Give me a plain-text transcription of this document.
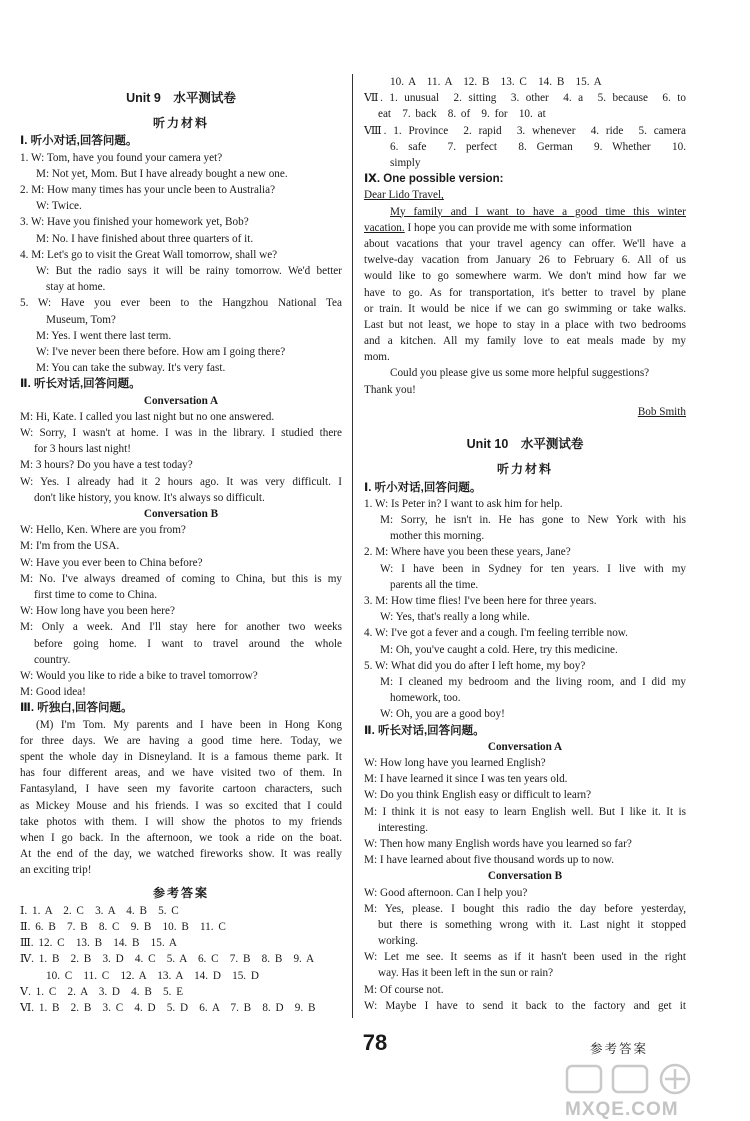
Unit 9　水平测试卷
听力材料
Ⅰ. 听小对话,回答问题。
1. W: Tom, have you found your camera yet?
M: Not yet, Mom. But I have already bought a new one.
2. M: How many times has your uncle been to Australia?
W: Twice.
3. W: Have you finished your homework yet, Bob?
M: No. I have finished about three quarters of it.
4. M: Let's go to visit the Great Wall tomorrow, shall we?
W: But the radio says it will be rainy tomorrow. We'd better
stay at home.
5. W: Have you ever been to the Hangzhou National Tea
Museum, Tom?
M: Yes. I went there last term.
W: I've never been there before. How am I going there?
M: You can take the subway. It's very fast.
Ⅱ. 听长对话,回答问题。
Conversation A
M: Hi, Kate. I called you last night but no one answered.
W: Sorry, I wasn't at home. I was in the library. I studied there
for 3 hours last night!
M: 3 hours? Do you have a test today?
W: Yes. I already had it 2 hours ago. It was very difficult. I
don't like history, you know. It's always so difficult.
Conversation B
W: Hello, Ken. Where are you from?
M: I'm from the USA.
W: Have you ever been to China before?
M: No. I've always dreamed of coming to China, but this is my
first time to come to China.
W: How long have you been here?
M: Only a week. And I'll stay here for another two weeks
before going home. I want to travel around the whole
country.
W: Would you like to ride a bike to travel tomorrow?
M: Good idea!
Ⅲ. 听独白,回答问题。
(M) I'm Tom. My parents and I have been in Hong Kong
for three days. We are having a good time here. Today, we
spent the whole day in Disneyland. It is a famous theme park. It
has four different areas, and we have visited two of them. In
Fantasyland, I have seen my favorite cartoon characters, such
as Mickey Mouse and his friends. I was so excited that I could
take photos with them. I will show the photos to my friends
when I go back. In the afternoon, we took a ride on the boat.
At the end of the day, we watched fireworks show. It was really
an exciting trip!
参考答案
Ⅰ. 1. A　2. C　3. A　4. B　5. C
Ⅱ. 6. B　7. B　8. C　9. B　10. B　11. C
Ⅲ. 12. C　13. B　14. B　15. A
Ⅳ. 1. B　2. B　3. D　4. C　5. A　6. C　7. B　8. B　9. A
10. C　11. C　12. A　13. A　14. D　15. D
Ⅴ. 1. C　2. A　3. D　4. B　5. E
Ⅵ. 1. B　2. B　3. C　4. D　5. D　6. A　7. B　8. D　9. B
10. A　11. A　12. B　13. C　14. B　15. A
Ⅶ. 1. unusual　2. sitting　3. other　4. a　5. because　6. to
eat　7. back　8. of　9. for　10. at
Ⅷ. 1. Province　2. rapid　3. whenever　4. ride　5. camera
6. safe　7. perfect　8. German　9. Whether　10.
simply
Ⅸ. One possible version:
Dear Lido Travel,
My family and I want to have a good time this winter
vacation. I hope you can provide me with some information
about vacations that your travel agency can offer. We'll have a
twelve-day vacation from January 26 to February 6. All of us
would like to go somewhere warm. We don't mind how far we
have to go. As for transportation, it's better to travel by plane
or train. It would be nice if we can go swimming or take walks.
Last but not least, we hope to stay in a place with two bedrooms
and a kitchen. All my family love to eat meals made by my
mom.
Could you please give us some more helpful suggestions?
Thank you!
Bob Smith
Unit 10　水平测试卷
听力材料
Ⅰ. 听小对话,回答问题。
1. W: Is Peter in? I want to ask him for help.
M: Sorry, he isn't in. He has gone to New York with his
mother this morning.
2. M: Where have you been these years, Jane?
W: I have been in Sydney for ten years. I live with my
parents all the time.
3. M: How time flies! I've been here for three years.
W: Yes, that's really a long while.
4. W: I've got a fever and a cough. I'm feeling terrible now.
M: Oh, you've caught a cold. Here, try this medicine.
5. W: What did you do after I left home, my boy?
M: I cleaned my bedroom and the living room, and I did my
homework, too.
W: Oh, you are a good boy!
Ⅱ. 听长对话,回答问题。
Conversation A
W: How long have you learned English?
M: I have learned it since I was ten years old.
W: Do you think English easy or difficult to learn?
M: I think it is not easy to learn English well. But I like it. It is
interesting.
W: Then how many English words have you learned so far?
M: I have learned about five thousand words up to now.
Conversation B
W: Good afternoon. Can I help you?
M: Yes, please. I bought this radio the day before yesterday,
but there is something wrong with it. Last night it stopped
working.
W: Let me see. It seems as if it hasn't been used in the right
way. Has it been left in the sun or rain?
M: Of course not.
W: Maybe I have to send it back to the factory and get it
78	参考答案
MXQE.COM
